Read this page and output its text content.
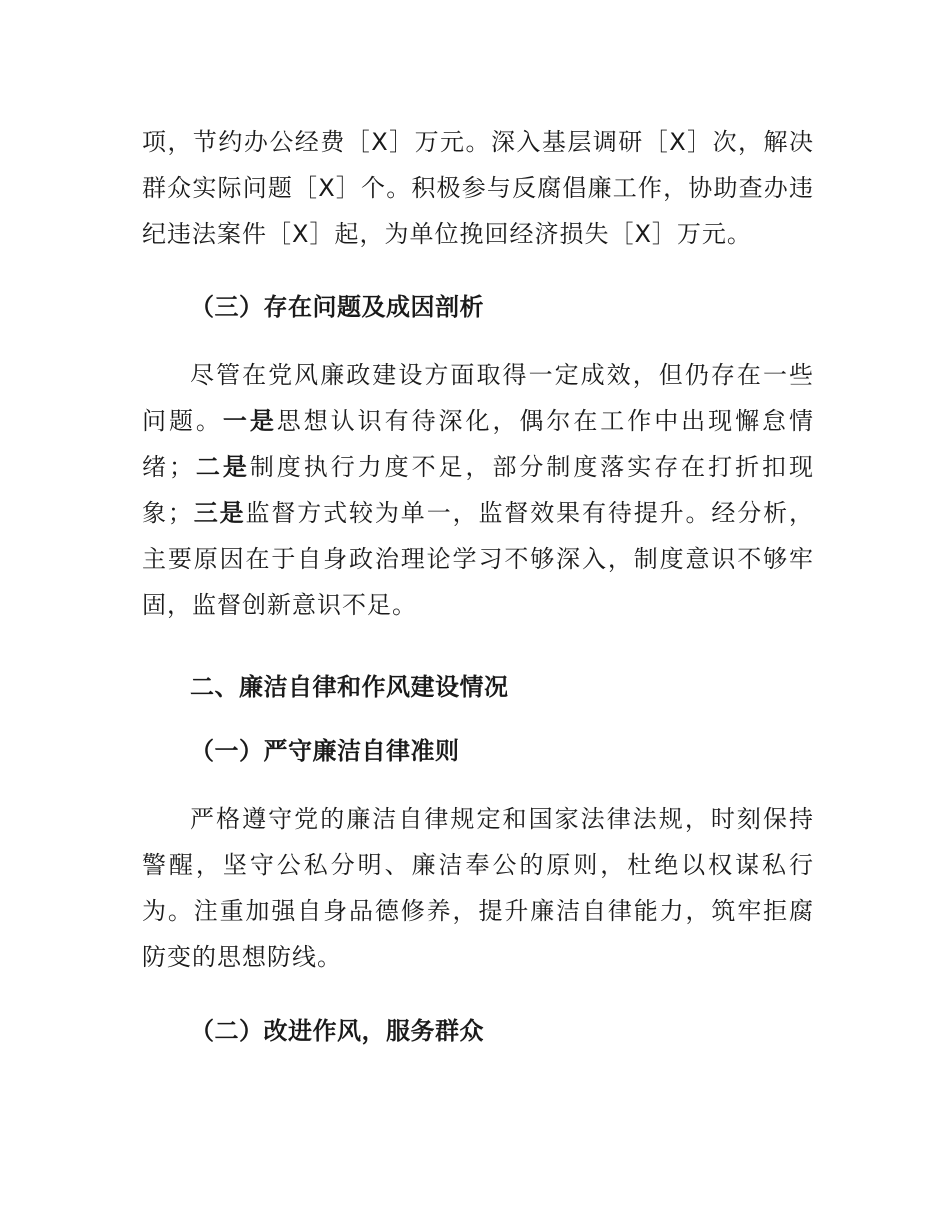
项，节约办公经费［X］万元。深入基层调研［X］次，解决群众实际问题［X］个。积极参与反腐倡廉工作，协助查办违纪违法案件［X］起，为单位挽回经济损失［X］万元。

（三）存在问题及成因剖析

尽管在党风廉政建设方面取得一定成效，但仍存在一些问题。一是思想认识有待深化，偶尔在工作中出现懈怠情绪；二是制度执行力度不足，部分制度落实存在打折扣现象；三是监督方式较为单一，监督效果有待提升。经分析，主要原因在于自身政治理论学习不够深入，制度意识不够牢固，监督创新意识不足。

二、廉洁自律和作风建设情况
（一）严守廉洁自律准则

严格遵守党的廉洁自律规定和国家法律法规，时刻保持警醒，坚守公私分明、廉洁奉公的原则，杜绝以权谋私行为。注重加强自身品德修养，提升廉洁自律能力，筑牢拒腐防变的思想防线。

（二）改进作风，服务群众
